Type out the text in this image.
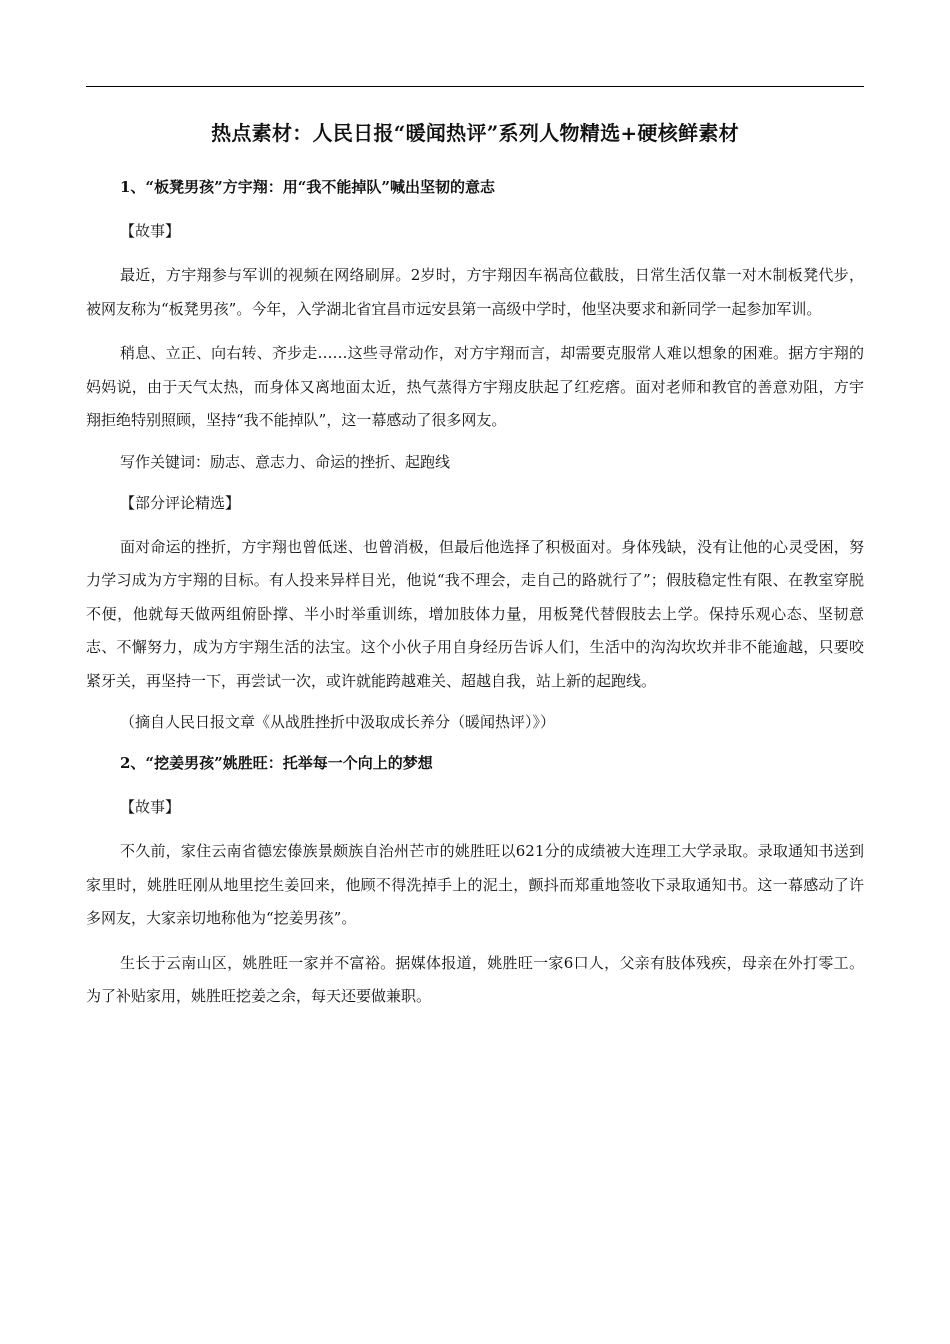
热点素材：人民日报“暖闻热评”系列人物精选+硬核鲜素材

1、“板凳男孩”方宇翔：用“我不能掉队”喊出坚韧的意志

【故事】

最近，方宇翔参与军训的视频在网络刷屏。2岁时，方宇翔因车祸高位截肢，日常生活仅靠一对木制板凳代步，被网友称为“板凳男孩”。今年，入学湖北省宜昌市远安县第一高级中学时，他坚决要求和新同学一起参加军训。

稍息、立正、向右转、齐步走……这些寻常动作，对方宇翔而言，却需要克服常人难以想象的困难。据方宇翔的妈妈说，由于天气太热，而身体又离地面太近，热气蒸得方宇翔皮肤起了红疙瘩。面对老师和教官的善意劝阻，方宇翔拒绝特别照顾，坚持“我不能掉队”，这一幕感动了很多网友。

写作关键词：励志、意志力、命运的挫折、起跑线

【部分评论精选】

面对命运的挫折，方宇翔也曾低迷、也曾消极，但最后他选择了积极面对。身体残缺，没有让他的心灵受困，努力学习成为方宇翔的目标。有人投来异样目光，他说“我不理会，走自己的路就行了”；假肢稳定性有限、在教室穿脱不便，他就每天做两组俯卧撑、半小时举重训练，增加肢体力量，用板凳代替假肢去上学。保持乐观心态、坚韧意志、不懈努力，成为方宇翔生活的法宝。这个小伙子用自身经历告诉人们，生活中的沟沟坎坎并非不能逾越，只要咬紧牙关，再坚持一下，再尝试一次，或许就能跨越难关、超越自我，站上新的起跑线。

（摘自人民日报文章《从战胜挫折中汲取成长养分（暖闻热评）》）

2、“挖姜男孩”姚胜旺：托举每一个向上的梦想

【故事】

不久前，家住云南省德宏傣族景颇族自治州芒市的姚胜旺以621分的成绩被大连理工大学录取。录取通知书送到家里时，姚胜旺刚从地里挖生姜回来，他顾不得洗掉手上的泥土，颤抖而郑重地签收下录取通知书。这一幕感动了许多网友，大家亲切地称他为“挖姜男孩”。

生长于云南山区，姚胜旺一家并不富裕。据媒体报道，姚胜旺一家6口人，父亲有肢体残疾，母亲在外打零工。为了补贴家用，姚胜旺挖姜之余，每天还要做兼职。
